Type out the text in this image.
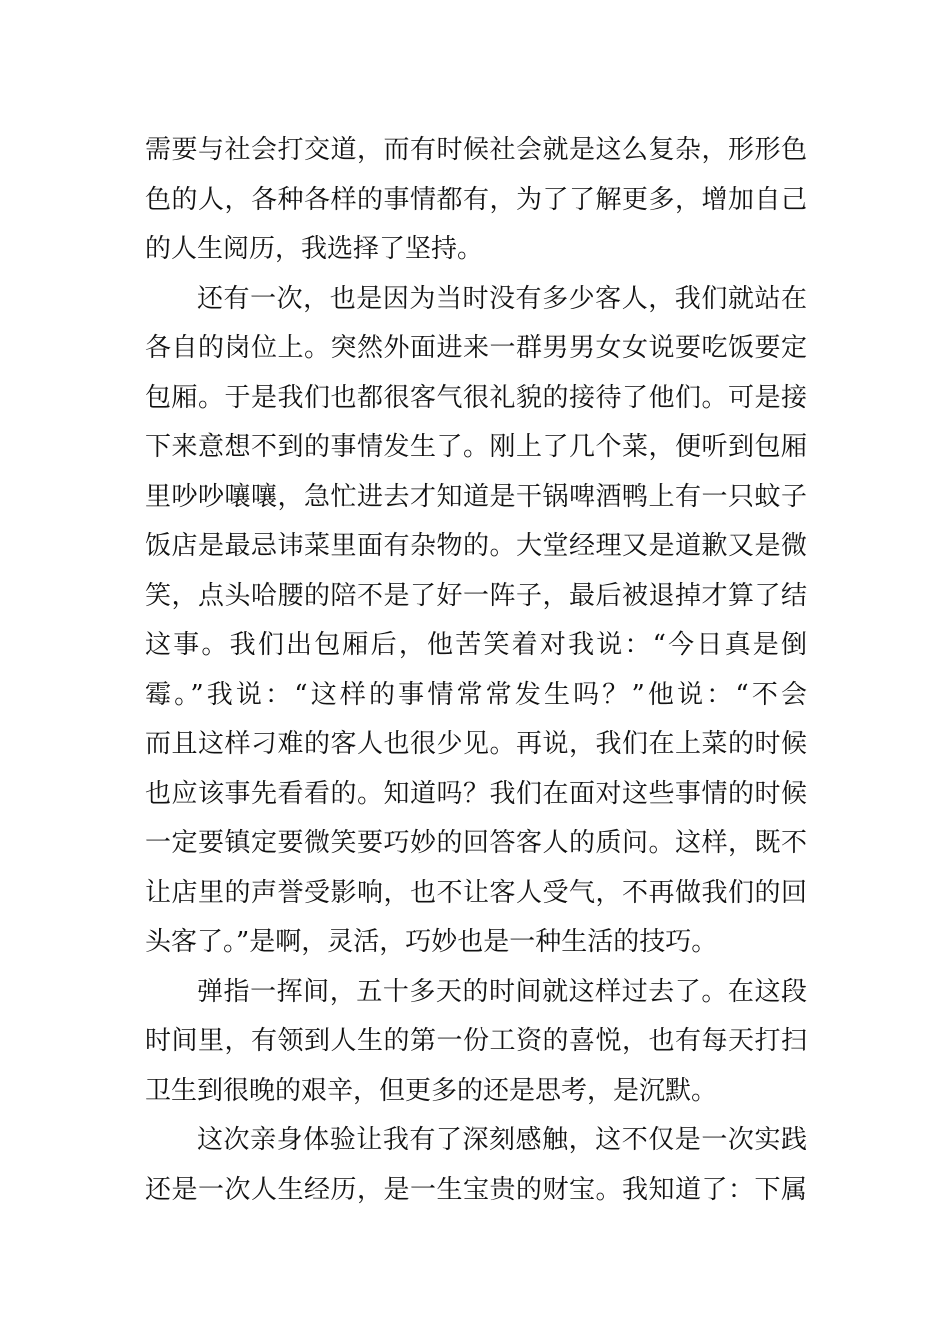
需要与社会打交道，而有时候社会就是这么复杂，形形色
色的人，各种各样的事情都有，为了了解更多，增加自己
的人生阅历，我选择了坚持。
还有一次，也是因为当时没有多少客人，我们就站在
各自的岗位上。突然外面进来一群男男女女说要吃饭要定
包厢。于是我们也都很客气很礼貌的接待了他们。可是接
下来意想不到的事情发生了。刚上了几个菜，便听到包厢
里吵吵嚷嚷，急忙进去才知道是干锅啤酒鸭上有一只蚊子
饭店是最忌讳菜里面有杂物的。大堂经理又是道歉又是微
笑，点头哈腰的陪不是了好一阵子，最后被退掉才算了结
这事。我们出包厢后，他苦笑着对我说：“今日真是倒
霉。”我说：“这样的事情常常发生吗？”他说：“不会
而且这样刁难的客人也很少见。再说，我们在上菜的时候
也应该事先看看的。知道吗？我们在面对这些事情的时候
一定要镇定要微笑要巧妙的回答客人的质问。这样，既不
让店里的声誉受影响，也不让客人受气，不再做我们的回
头客了。”是啊，灵活，巧妙也是一种生活的技巧。
弹指一挥间，五十多天的时间就这样过去了。在这段
时间里，有领到人生的第一份工资的喜悦，也有每天打扫
卫生到很晚的艰辛，但更多的还是思考，是沉默。
这次亲身体验让我有了深刻感触，这不仅是一次实践
还是一次人生经历，是一生宝贵的财宝。我知道了：下属
